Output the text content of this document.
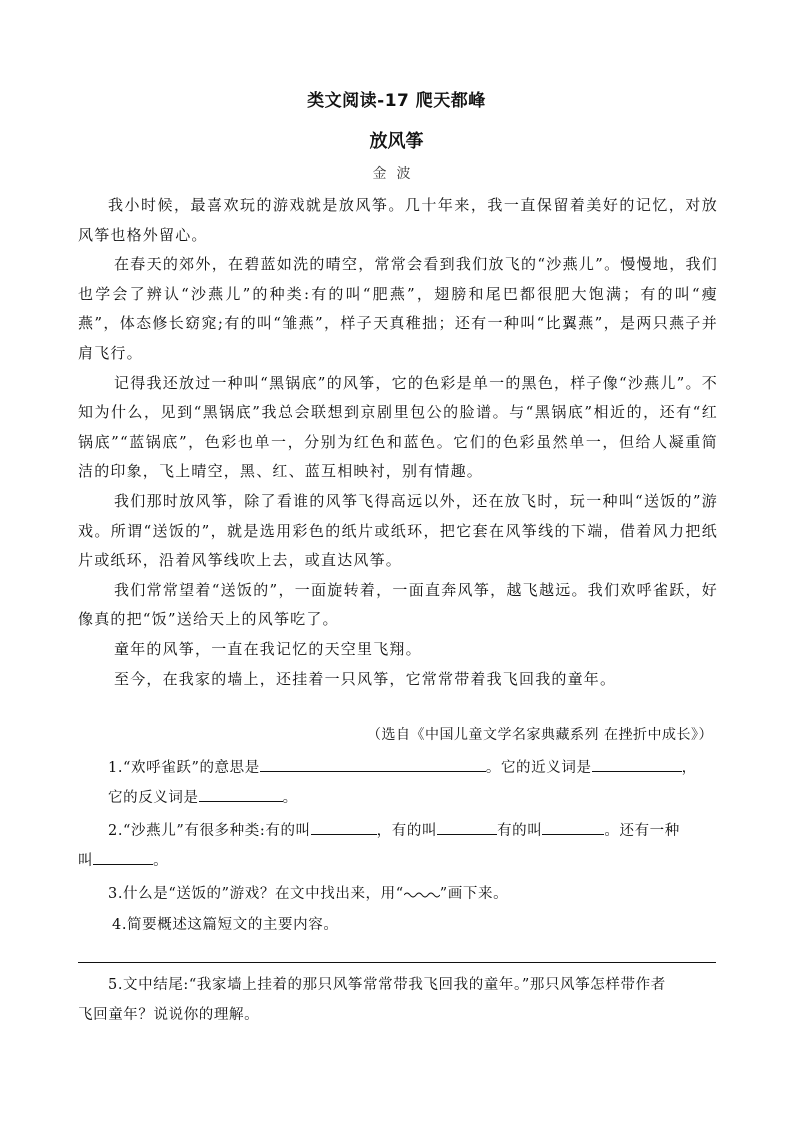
类文阅读-17 爬天都峰
放风筝
金波

我小时候，最喜欢玩的游戏就是放风筝。几十年来，我一直保留着美好的记忆，对放风筝也格外留心。

在春天的郊外，在碧蓝如洗的晴空，常常会看到我们放飞的“沙燕儿”。慢慢地，我们也学会了辨认“沙燕儿”的种类:有的叫“肥燕”，翅膀和尾巴都很肥大饱满；有的叫“瘦燕”，体态修长窈窕;有的叫“雏燕”，样子天真稚拙；还有一种叫“比翼燕”，是两只燕子并肩飞行。

记得我还放过一种叫“黑锅底”的风筝，它的色彩是单一的黑色，样子像“沙燕儿”。不知为什么，见到“黑锅底”我总会联想到京剧里包公的脸谱。与“黑锅底”相近的，还有“红锅底”“蓝锅底”，色彩也单一，分别为红色和蓝色。它们的色彩虽然单一，但给人凝重简洁的印象，飞上晴空，黑、红、蓝互相映衬，别有情趣。

我们那时放风筝，除了看谁的风筝飞得高远以外，还在放飞时，玩一种叫“送饭的”游戏。所谓“送饭的”，就是选用彩色的纸片或纸环，把它套在风筝线的下端，借着风力把纸片或纸环，沿着风筝线吹上去，或直达风筝。

我们常常望着“送饭的”，一面旋转着，一面直奔风筝，越飞越远。我们欢呼雀跃，好像真的把“饭”送给天上的风筝吃了。

童年的风筝，一直在我记忆的天空里飞翔。

至今，在我家的墙上，还挂着一只风筝，它常常带着我飞回我的童年。

（选自《中国儿童文学名家典藏系列 在挫折中成长》）
1.“欢呼雀跃”的意思是	。它的近义词是	，
它的反义词是	。
2.“沙燕儿”有很多种类:有的叫	，有的叫	有的叫	。还有一种
叫	。
3.什么是“送饭的”游戏？在文中找出来，用“ ”画下来。
4.简要概述这篇短文的主要内容。
5.文中结尾:“我家墙上挂着的那只风筝常常带我飞回我的童年。”那只风筝怎样带作者
飞回童年？说说你的理解。
